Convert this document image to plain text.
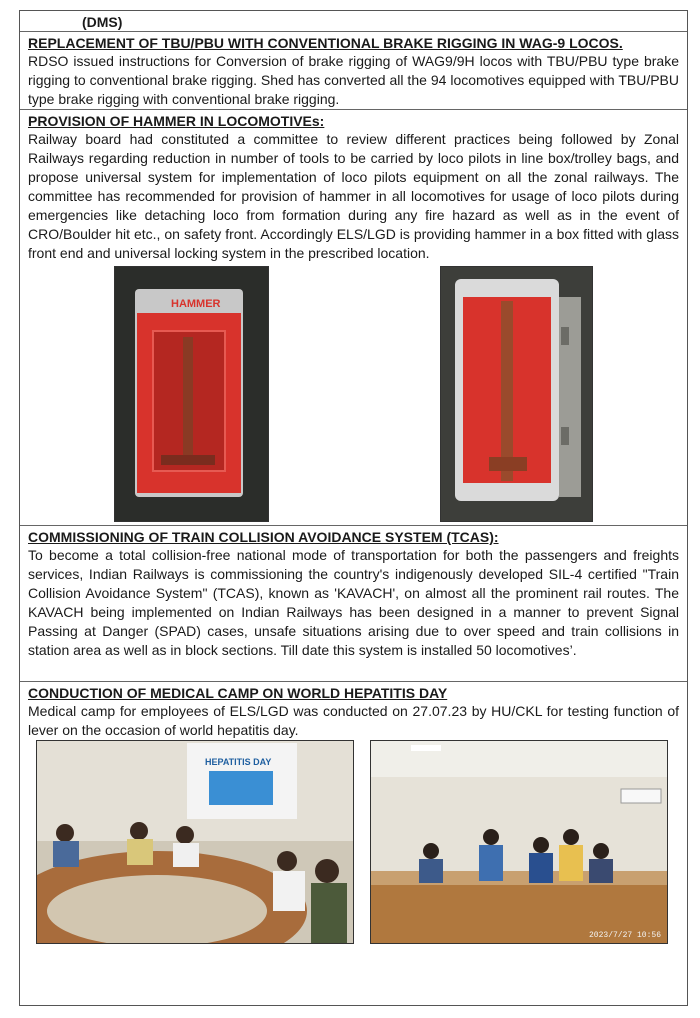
(DMS)
REPLACEMENT OF TBU/PBU WITH CONVENTIONAL BRAKE RIGGING IN WAG-9 LOCOS.

RDSO issued instructions for Conversion of brake rigging of WAG9/9H locos with TBU/PBU type brake rigging to conventional brake rigging. Shed has converted all the 94 locomotives equipped with TBU/PBU type brake rigging with conventional brake rigging.

PROVISION OF HAMMER IN LOCOMOTIVEs:

Railway board had constituted a committee to review different practices being followed by Zonal Railways regarding reduction in number of tools to be carried by loco pilots in line box/trolley bags, and propose universal system for implementation of loco pilots equipment on all the zonal railways. The committee has recommended for provision of hammer in all locomotives for usage of loco pilots during emergencies like detaching loco from formation during any fire hazard as well as in the event of CRO/Boulder hit etc., on safety front. Accordingly ELS/LGD is providing hammer in a box fitted with glass front end and universal locking system in the prescribed location.

HAMMER
COMMISSIONING OF TRAIN COLLISION AVOIDANCE SYSTEM (TCAS):

To become a total collision-free national mode of transportation for both the passengers and freights services, Indian Railways is commissioning the country's indigenously developed SIL-4 certified "Train Collision Avoidance System" (TCAS), known as 'KAVACH', on almost all the prominent rail routes. The KAVACH being implemented on Indian Railways has been designed in a manner to prevent Signal Passing at Danger (SPAD) cases, unsafe situations arising due to over speed and train collisions in station area as well as in block sections. Till date this system is installed 50 locomotives’.

CONDUCTION OF MEDICAL CAMP ON WORLD HEPATITIS DAY

Medical camp for employees of ELS/LGD was conducted on 27.07.23 by HU/CKL for testing function of lever on the occasion of world hepatitis day.

HEPATITIS DAY
2023/7/27 10:56
